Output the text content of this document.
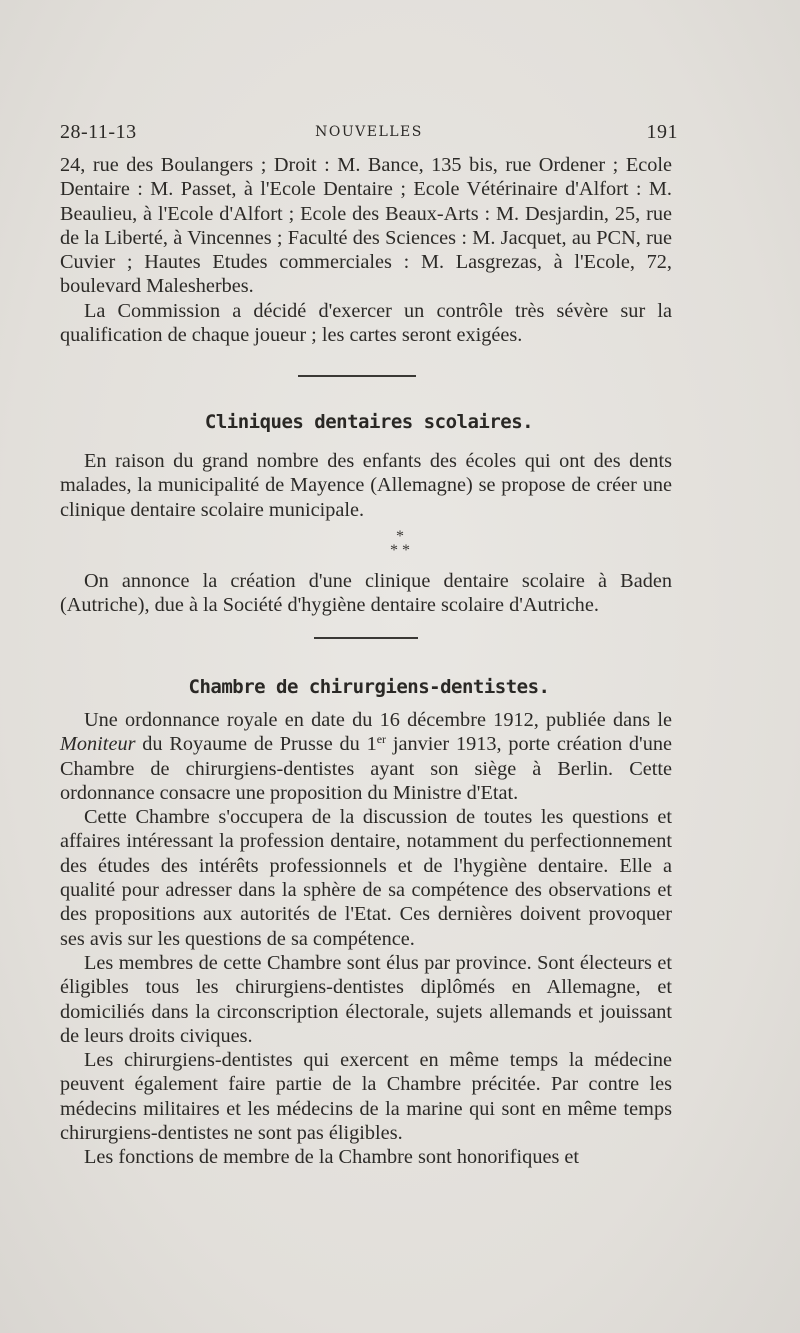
28-11-13	NOUVELLES	191

24, rue des Boulangers ; Droit : M. Bance, 135 bis, rue Ordener ; Ecole Dentaire : M. Passet, à l'Ecole Dentaire ; Ecole Vétérinaire d'Alfort : M. Beaulieu, à l'Ecole d'Alfort ; Ecole des Beaux-Arts : M. Desjardin, 25, rue de la Liberté, à Vincennes ; Faculté des Sciences : M. Jacquet, au PCN, rue Cuvier ; Hautes Etudes commerciales : M. Lasgrezas, à l'Ecole, 72, boulevard Malesherbes.

La Commission a décidé d'exercer un contrôle très sévère sur la qualification de chaque joueur ; les cartes seront exigées.

Cliniques dentaires scolaires.

En raison du grand nombre des enfants des écoles qui ont des dents malades, la municipalité de Mayence (Allemagne) se propose de créer une clinique dentaire scolaire municipale.

*
* *

On annonce la création d'une clinique dentaire scolaire à Baden (Autriche), due à la Société d'hygiène dentaire scolaire d'Autriche.

Chambre de chirurgiens-dentistes.

Une ordonnance royale en date du 16 décembre 1912, publiée dans le Moniteur du Royaume de Prusse du 1er janvier 1913, porte création d'une Chambre de chirurgiens-dentistes ayant son siège à Berlin. Cette ordonnance consacre une proposition du Ministre d'Etat.

Cette Chambre s'occupera de la discussion de toutes les questions et affaires intéressant la profession dentaire, notamment du perfectionnement des études des intérêts professionnels et de l'hygiène dentaire. Elle a qualité pour adresser dans la sphère de sa compétence des observations et des propositions aux autorités de l'Etat. Ces dernières doivent provoquer ses avis sur les questions de sa compétence.

Les membres de cette Chambre sont élus par province. Sont électeurs et éligibles tous les chirurgiens-dentistes diplômés en Allemagne, et domiciliés dans la circonscription électorale, sujets allemands et jouissant de leurs droits civiques.

Les chirurgiens-dentistes qui exercent en même temps la médecine peuvent également faire partie de la Chambre précitée. Par contre les médecins militaires et les médecins de la marine qui sont en même temps chirurgiens-dentistes ne sont pas éligibles.

Les fonctions de membre de la Chambre sont honorifiques et
